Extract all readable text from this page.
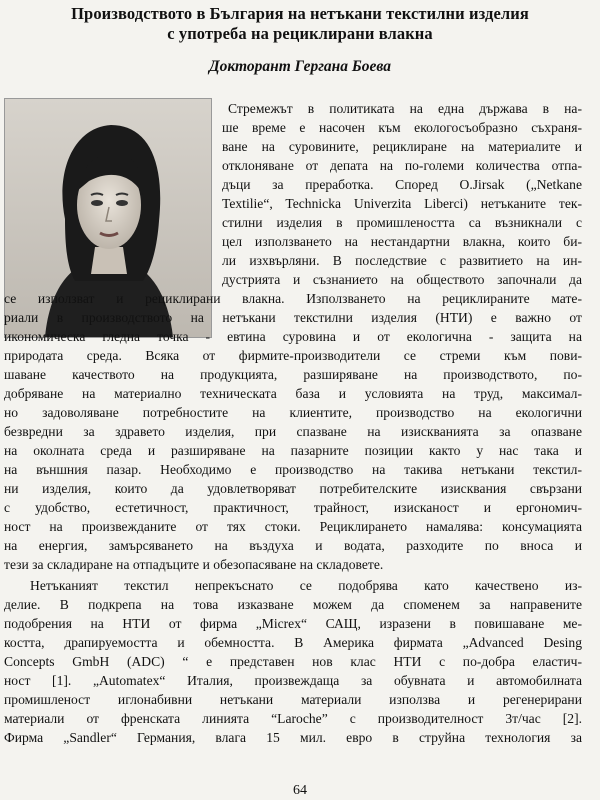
Производството в България на нетъкани текстилни изделия
с употреба на рециклирани влакна
Докторант Гергана Боева
Стремежът в политиката на една държава в на-
ше време е насочен към екологосъобразно съхраня-
ване на суровините, рециклиране на материалите и
отклоняване от депата на по-големи количества отпа-
дъци за преработка. Според О.Jirsak („Netkane
Textilie“, Technicka Univerzita Liberci) нетъканите тек-
стилни изделия в промишлеността са възникнали с
цел използването на нестандартни влакна, които би-
ли изхвърляни. В последствие с развитието на ин-
дустрията и съзнанието на обществото започнали да
се използват и рециклирани влакна. Използването на рециклираните мате-
риали в производството на нетъкани текстилни изделия (НТИ) е важно от
икономическа гледна точка - евтина суровина и от екологична - защита на
природата среда. Всяка от фирмите-производители се стреми към пови-
шаване качеството на продукцията, разширяване на производството, по-
добряване на материално техническата база и условията на труд, максимал-
но задоволяване потребностите на клиентите, производство на екологични
безвредни за здравето изделия, при спазване на изискванията за опазване
на околната среда и разширяване на пазарните позиции както у нас така и
на външния пазар. Необходимо е производство на такива нетъкани текстил-
ни изделия, които да удовлетворяват потребителските изисквания свързани
с удобство, естетичност, практичност, трайност, изисканост и ергономич-
ност на произвежданите от тях стоки. Рециклирането намалява: консумацията
на енергия, замърсяването на въздуха и водата, разходите по вноса и
тези за складиране на отпадъците и обезопасяване на складовете.
Нетъканият текстил непрекъснато се подобрява като качествено из-
делие. В подкрепа на това изказване можем да споменем за направените
подобрения на НТИ от фирма „Micrex“ САЩ, изразени в повишаване ме-
костта, драпируемостта и обемността. В Америка фирмата „Advanced Desing
Concepts GmbH (ADC) “ е представен нов клас НТИ с по-добра еластич-
ност [1]. „Automatex“ Италия, произвеждаща за обувната и автомобилната
промишленост иглонабивни нетъкани материали използва и регенерирани
материали от френската линията “Laroche” с производителност 3т/час [2].
Фирма „Sandler“ Германия, влага 15 мил. евро в струйна технология за
64
